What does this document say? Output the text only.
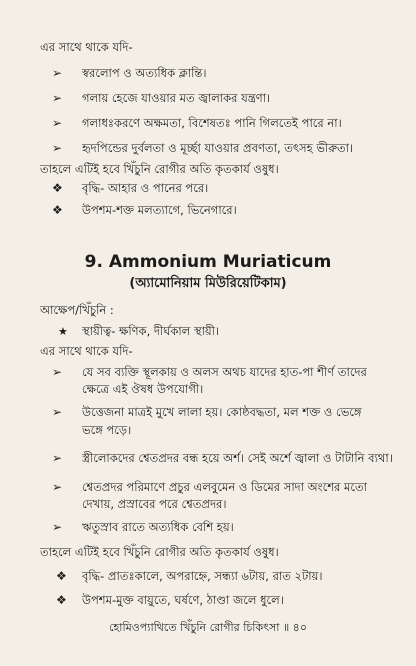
এর সাথে থাকে যদি-
➢	স্বরলোপ ও অত্যধিক ক্লান্তি।
➢	গলায় হেজে যাওয়ার মত জ্বালাকর যন্ত্রণা।
➢	গলাধঃকরণে অক্ষমতা, বিশেষতঃ পানি গিলতেই পারে না।
➢	হৃদপিন্ডের দুর্বলতা ও মূর্চ্ছা যাওয়ার প্রবণতা, তৎসহ ভীরুতা।
তাহলে এটিই হবে খিঁচুনি রোগীর অতি কৃতকার্য ওষুধ।
❖	বৃদ্ধি- আহার ও পানের পরে।
❖	উপশম-শক্ত মলত্যাগে, ভিনেগারে।
9. Ammonium Muriaticum
(অ্যামোনিয়াম মিউরিয়েটিকাম)
আক্ষেপ/খিঁচুনি :
★	স্থায়ীত্ব- ক্ষণিক, দীর্ঘকাল স্থায়ী।
এর সাথে থাকে যদি-
➢	যে সব ব্যক্তি স্থূলকায় ও অলস অথচ যাদের হাত-পা শীর্ণ তাদের
ক্ষেত্রে এই ঔষধ উপযোগী।
➢	উত্তেজনা মাত্রই মুখে লালা হয়। কোষ্ঠবদ্ধতা, মল শক্ত ও ভেঙ্গে
ভঙ্গে পড়ে।
➢	স্ত্রীলোকদের শ্বেতপ্রদর বন্ধ হয়ে অর্শ। সেই অর্শে জ্বালা ও টাটানি ব্যথা।
➢	শ্বেতপ্রদর পরিমাণে প্রচুর এলবুমেন ও ডিমের সাদা অংশের মতো
দেখায়, প্রস্রাবের পরে শ্বেতপ্রদর।
➢	ঋতুস্রাব রাতে অত্যধিক বেশি হয়।
তাহলে এটিই হবে খিঁচুনি রোগীর অতি কৃতকার্য ওষুধ।
❖	বৃদ্ধি- প্রাতঃকালে, অপরাহ্নে, সন্ধ্যা ৬টায়, রাত ২টায়।
❖	উপশম-মুক্ত বায়ুতে, ঘর্ষণে, ঠাণ্ডা জলে ধুলে।
হোমিওপ্যাথিতে খিঁচুনি রোগীর চিকিৎসা ॥ ৪০
